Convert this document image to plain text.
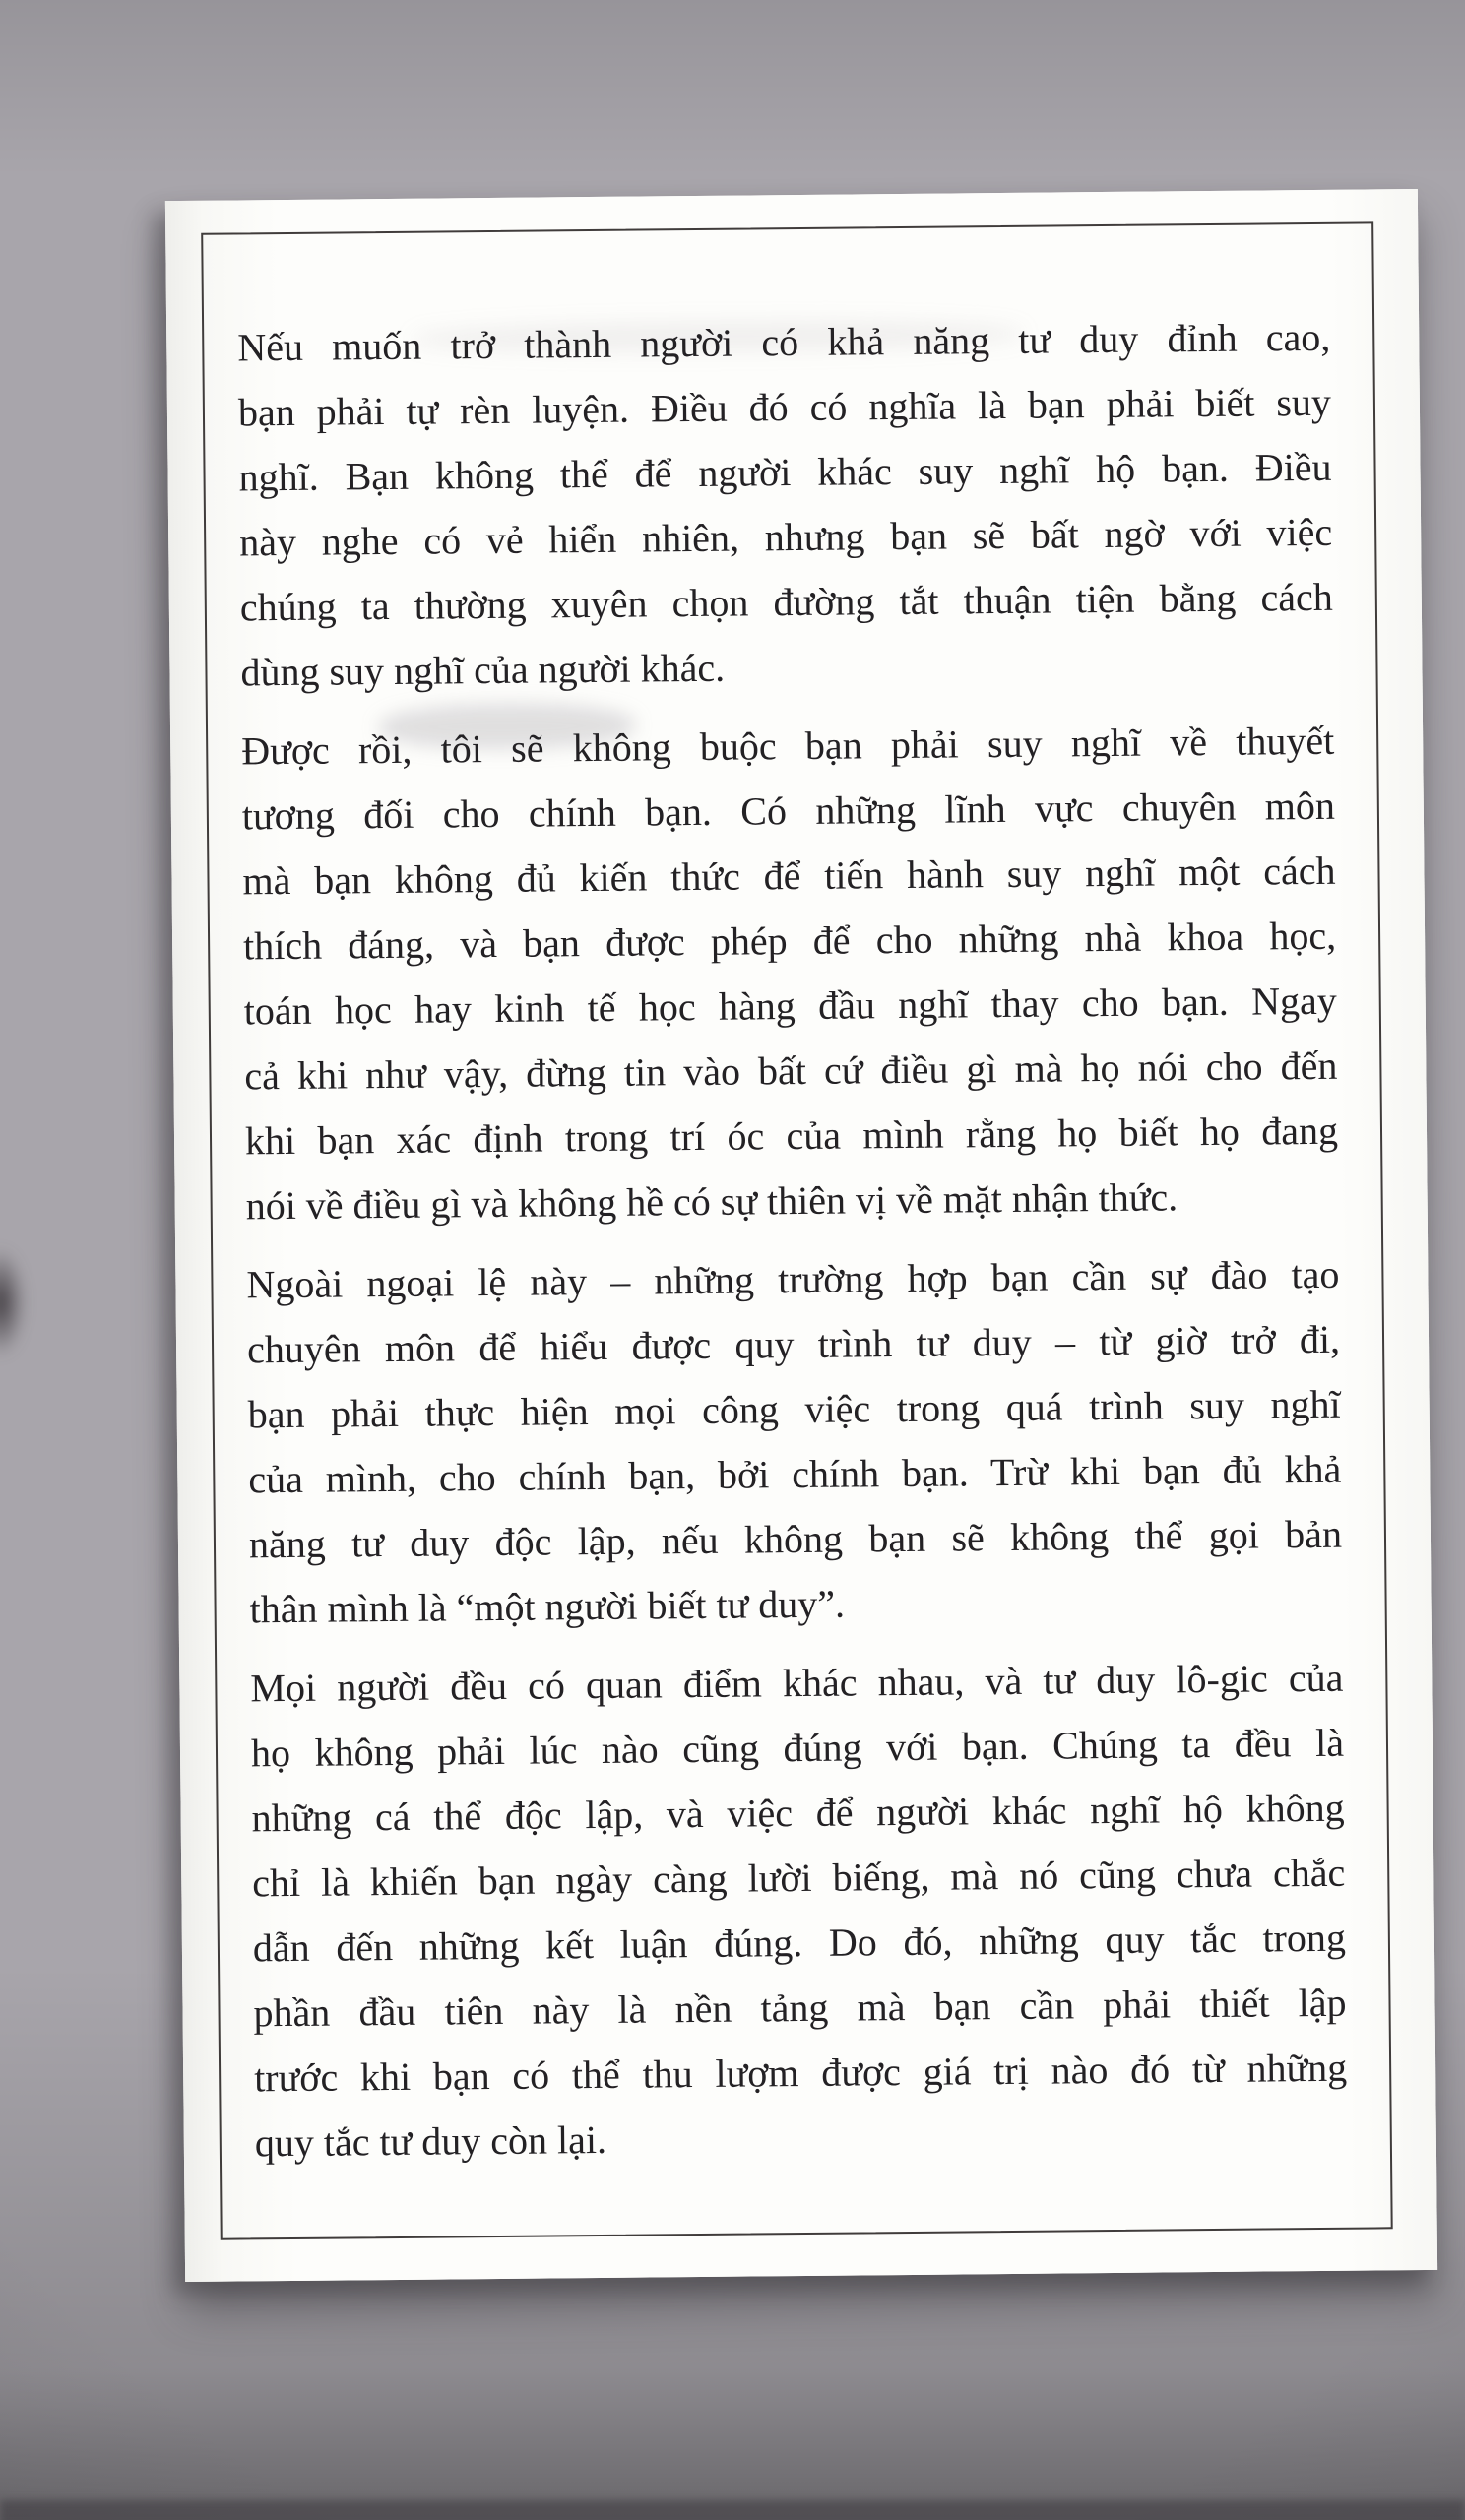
Nếu muốn trở thành người có khả năng tư duy đỉnh cao,
bạn phải tự rèn luyện. Điều đó có nghĩa là bạn phải biết suy
nghĩ. Bạn không thể để người khác suy nghĩ hộ bạn. Điều
này nghe có vẻ hiển nhiên, nhưng bạn sẽ bất ngờ với việc
chúng ta thường xuyên chọn đường tắt thuận tiện bằng cách
dùng suy nghĩ của người khác.
Được rồi, tôi sẽ không buộc bạn phải suy nghĩ về thuyết
tương đối cho chính bạn. Có những lĩnh vực chuyên môn
mà bạn không đủ kiến thức để tiến hành suy nghĩ một cách
thích đáng, và bạn được phép để cho những nhà khoa học,
toán học hay kinh tế học hàng đầu nghĩ thay cho bạn. Ngay
cả khi như vậy, đừng tin vào bất cứ điều gì mà họ nói cho đến
khi bạn xác định trong trí óc của mình rằng họ biết họ đang
nói về điều gì và không hề có sự thiên vị về mặt nhận thức.
Ngoài ngoại lệ này – những trường hợp bạn cần sự đào tạo
chuyên môn để hiểu được quy trình tư duy – từ giờ trở đi,
bạn phải thực hiện mọi công việc trong quá trình suy nghĩ
của mình, cho chính bạn, bởi chính bạn. Trừ khi bạn đủ khả
năng tư duy độc lập, nếu không bạn sẽ không thể gọi bản
thân mình là “một người biết tư duy”.
Mọi người đều có quan điểm khác nhau, và tư duy lô-gic của
họ không phải lúc nào cũng đúng với bạn. Chúng ta đều là
những cá thể độc lập, và việc để người khác nghĩ hộ không
chỉ là khiến bạn ngày càng lười biếng, mà nó cũng chưa chắc
dẫn đến những kết luận đúng. Do đó, những quy tắc trong
phần đầu tiên này là nền tảng mà bạn cần phải thiết lập
trước khi bạn có thể thu lượm được giá trị nào đó từ những
quy tắc tư duy còn lại.
